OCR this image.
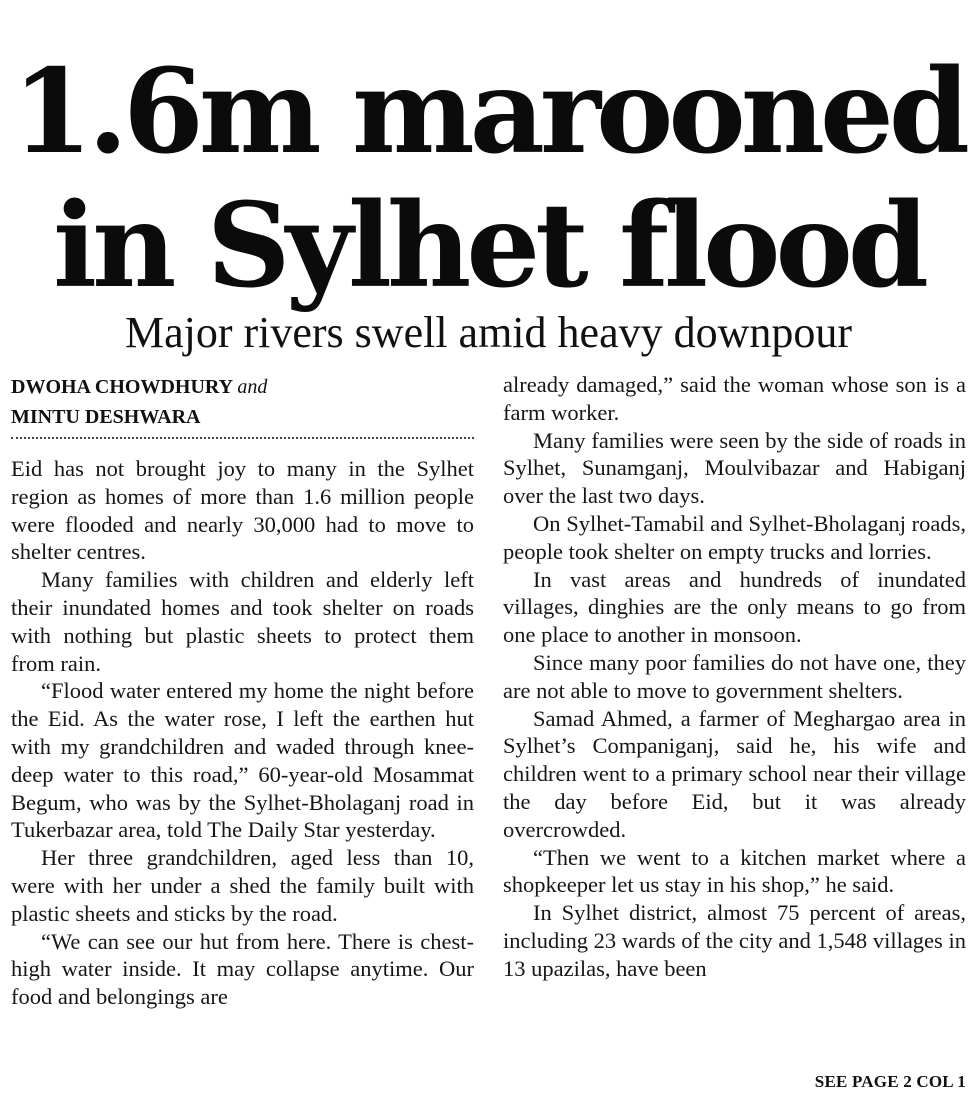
1.6m marooned
in Sylhet flood
Major rivers swell amid heavy downpour
DWOHA CHOWDHURY and
MINTU DESHWARA

Eid has not brought joy to many in the Sylhet region as homes of more than 1.6 million people were flooded and nearly 30,000 had to move to shelter centres.

Many families with children and elderly left their inundated homes and took shelter on roads with nothing but plastic sheets to protect them from rain.

“Flood water entered my home the night before the Eid. As the water rose, I left the earthen hut with my grandchildren and waded through knee-deep water to this road,” 60-year-old Mosammat Begum, who was by the Sylhet-Bholaganj road in Tukerbazar area, told The Daily Star yesterday.

Her three grandchildren, aged less than 10, were with her under a shed the family built with plastic sheets and sticks by the road.

“We can see our hut from here. There is chest-high water inside. It may collapse anytime. Our food and belongings are

already damaged,” said the woman whose son is a farm worker.

Many families were seen by the side of roads in Sylhet, Sunamganj, Moulvibazar and Habiganj over the last two days.

On Sylhet-Tamabil and Sylhet-Bholaganj roads, people took shelter on empty trucks and lorries.

In vast areas and hundreds of inundated villages, dinghies are the only means to go from one place to another in monsoon.

Since many poor families do not have one, they are not able to move to government shelters.

Samad Ahmed, a farmer of Meghargao area in Sylhet’s Companiganj, said he, his wife and children went to a primary school near their village the day before Eid, but it was already overcrowded.

“Then we went to a kitchen market where a shopkeeper let us stay in his shop,” he said.

In Sylhet district, almost 75 percent of areas, including 23 wards of the city and 1,548 villages in 13 upazilas, have been

SEE PAGE 2 COL 1
